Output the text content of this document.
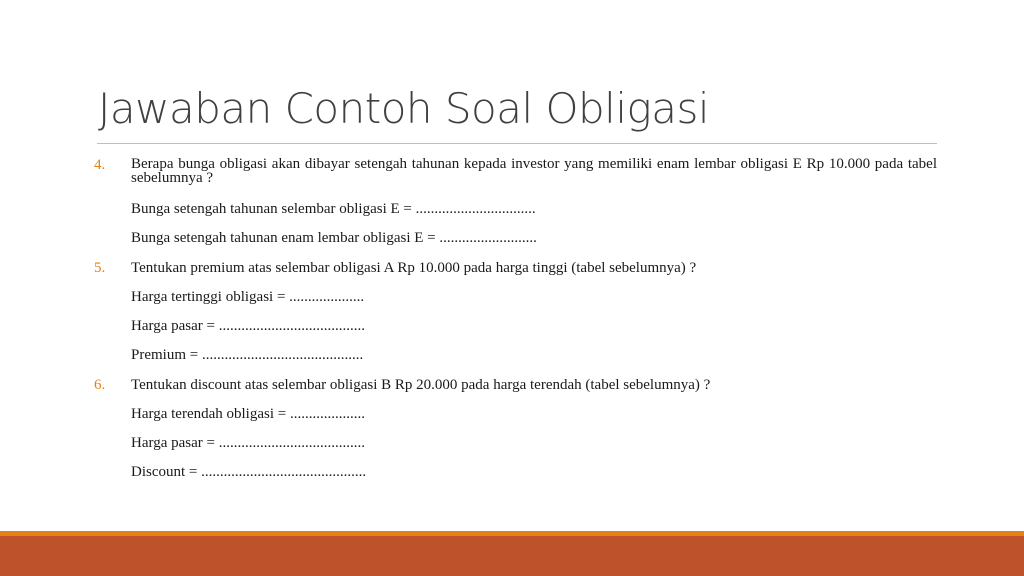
Jawaban Contoh Soal Obligasi
4. Berapa bunga obligasi akan dibayar setengah tahunan kepada investor yang memiliki enam lembar obligasi E Rp 10.000 pada tabel sebelumnya ?
Bunga setengah tahunan selembar obligasi E = ................................
Bunga setengah tahunan enam lembar obligasi E = ..........................
5. Tentukan premium atas selembar obligasi A Rp 10.000 pada harga tinggi (tabel sebelumnya) ?
Harga tertinggi obligasi = ....................
Harga pasar = .......................................
Premium = ...........................................
6. Tentukan discount atas selembar obligasi B Rp 20.000 pada harga terendah (tabel sebelumnya) ?
Harga terendah obligasi = ....................
Harga pasar = .......................................
Discount = ............................................
